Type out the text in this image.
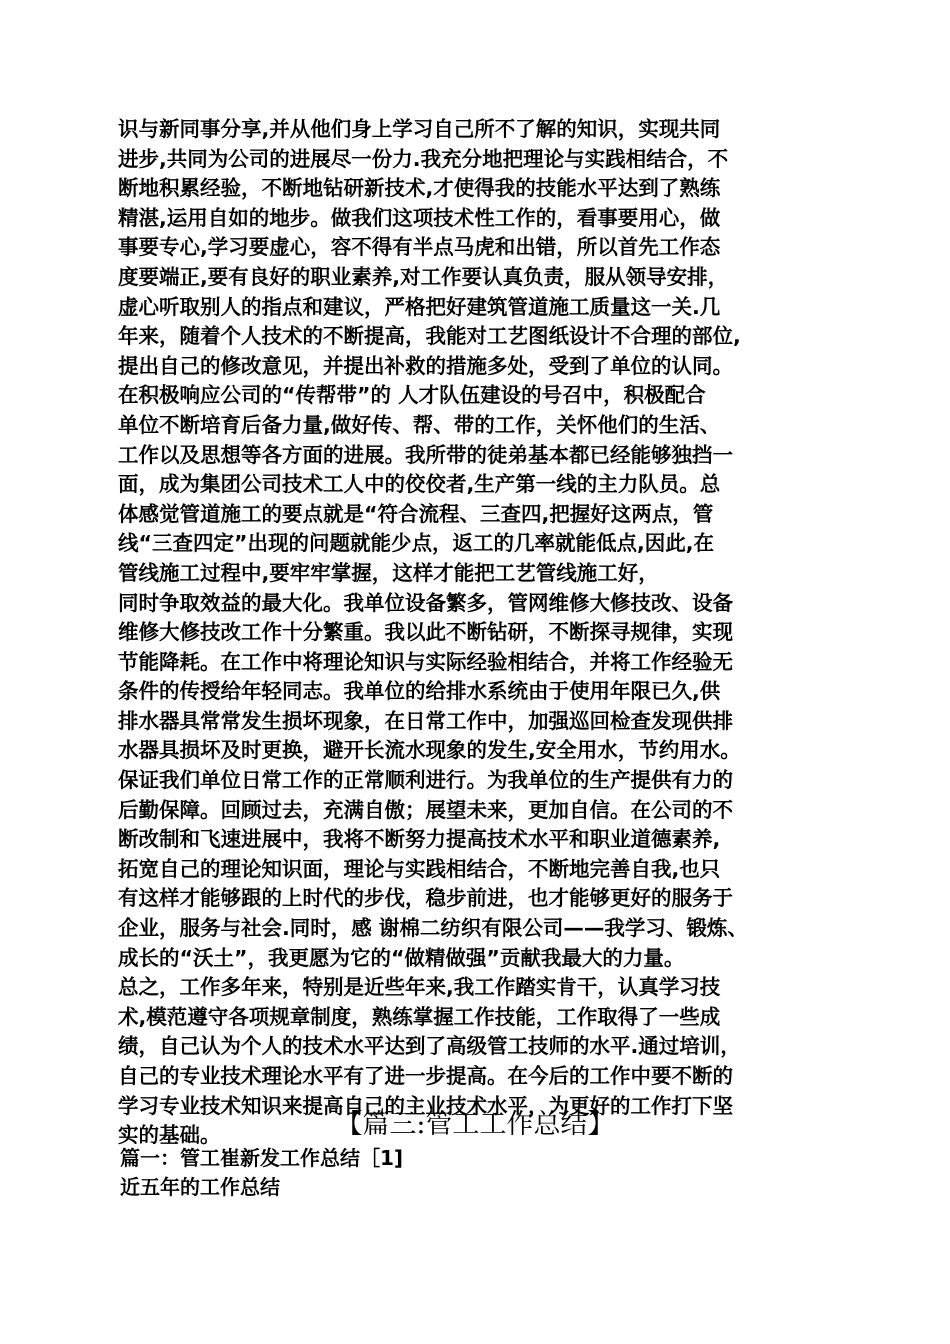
识与新同事分享,并从他们身上学习自己所不了解的知识，实现共同
进步,共同为公司的进展尽一份力.我充分地把理论与实践相结合，不
断地积累经验，不断地钻研新技术,才使得我的技能水平达到了熟练
精湛,运用自如的地步。做我们这项技术性工作的，看事要用心，做
事要专心,学习要虚心，容不得有半点马虎和出错，所以首先工作态
度要端正,要有良好的职业素养,对工作要认真负责，服从领导安排，
虚心听取别人的指点和建议，严格把好建筑管道施工质量这一关.几
年来，随着个人技术的不断提高，我能对工艺图纸设计不合理的部位,
提出自己的修改意见，并提出补救的措施多处，受到了单位的认同。
在积极响应公司的“传帮带”的 人才队伍建设的号召中，积极配合
单位不断培育后备力量,做好传、帮、带的工作，关怀他们的生活、
工作以及思想等各方面的进展。我所带的徒弟基本都已经能够独挡一
面，成为集团公司技术工人中的佼佼者,生产第一线的主力队员。总
体感觉管道施工的要点就是“符合流程、三查四,把握好这两点，管
线“三查四定”出现的问题就能少点，返工的几率就能低点,因此,在
管线施工过程中,要牢牢掌握，这样才能把工艺管线施工好，
同时争取效益的最大化。我单位设备繁多，管网维修大修技改、设备
维修大修技改工作十分繁重。我以此不断钻研，不断探寻规律，实现
节能降耗。在工作中将理论知识与实际经验相结合，并将工作经验无
条件的传授给年轻同志。我单位的给排水系统由于使用年限已久,供
排水器具常常发生损坏现象，在日常工作中，加强巡回检查发现供排
水器具损坏及时更换，避开长流水现象的发生,安全用水，节约用水。
保证我们单位日常工作的正常顺利进行。为我单位的生产提供有力的
后勤保障。回顾过去，充满自傲；展望未来，更加自信。在公司的不
断改制和飞速进展中，我将不断努力提高技术水平和职业道德素养,
拓宽自己的理论知识面，理论与实践相结合，不断地完善自我,也只
有这样才能够跟的上时代的步伐，稳步前进，也才能够更好的服务于
企业，服务与社会.同时，感 谢棉二纺织有限公司——我学习、锻炼、
成长的“沃土”，我更愿为它的“做精做强”贡献我最大的力量。
总之，工作多年来，特别是近些年来,我工作踏实肯干，认真学习技
术,模范遵守各项规章制度，熟练掌握工作技能，工作取得了一些成
绩，自己认为个人的技术水平达到了高级管工技师的水平.通过培训，
自己的专业技术理论水平有了进一步提高。在今后的工作中要不断的
学习专业技术知识来提高自己的主业技术水平，为更好的工作打下坚
实的基础。	【篇三:管工工作总结】
篇一：管工崔新发工作总结［1]
近五年的工作总结
